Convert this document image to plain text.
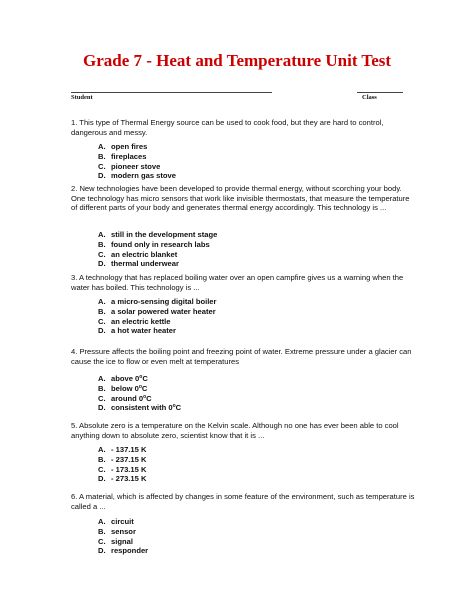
Grade 7 - Heat and Temperature Unit Test
Student	Class

1. This type of Thermal Energy source can be used to cook food, but they are hard to control, dangerous and messy.

A. open fires
B. fireplaces
C. pioneer stove
D. modern gas stove

2. New technologies have been developed to provide thermal energy, without scorching your body. One technology has micro sensors that work like invisible thermostats, that measure the temperature of different parts of your body and generates thermal energy accordingly. This technology is ...

A. still in the development stage
B. found only in research labs
C. an electric blanket
D. thermal underwear

3. A technology that has replaced boiling water over an open campfire gives us a warning when the water has boiled. This technology is ...

A. a micro-sensing digital boiler
B. a solar powered water heater
C. an electric kettle
D. a hot water heater

4. Pressure affects the boiling point and freezing point of water. Extreme pressure under a glacier can cause the ice to flow or even melt at temperatures

A. above 0$^o$C
B. below 0$^o$C
C. around 0$^o$C
D. consistent with 0$^o$C

5. Absolute zero is a temperature on the Kelvin scale. Although no one has ever been able to cool anything down to absolute zero, scientist know that it is ...

A. - 137.15 K
B. - 237.15 K
C. - 173.15 K
D. - 273.15 K

6. A material, which is affected by changes in some feature of the environment, such as temperature is called a ...

A. circuit
B. sensor
C. signal
D. responder
